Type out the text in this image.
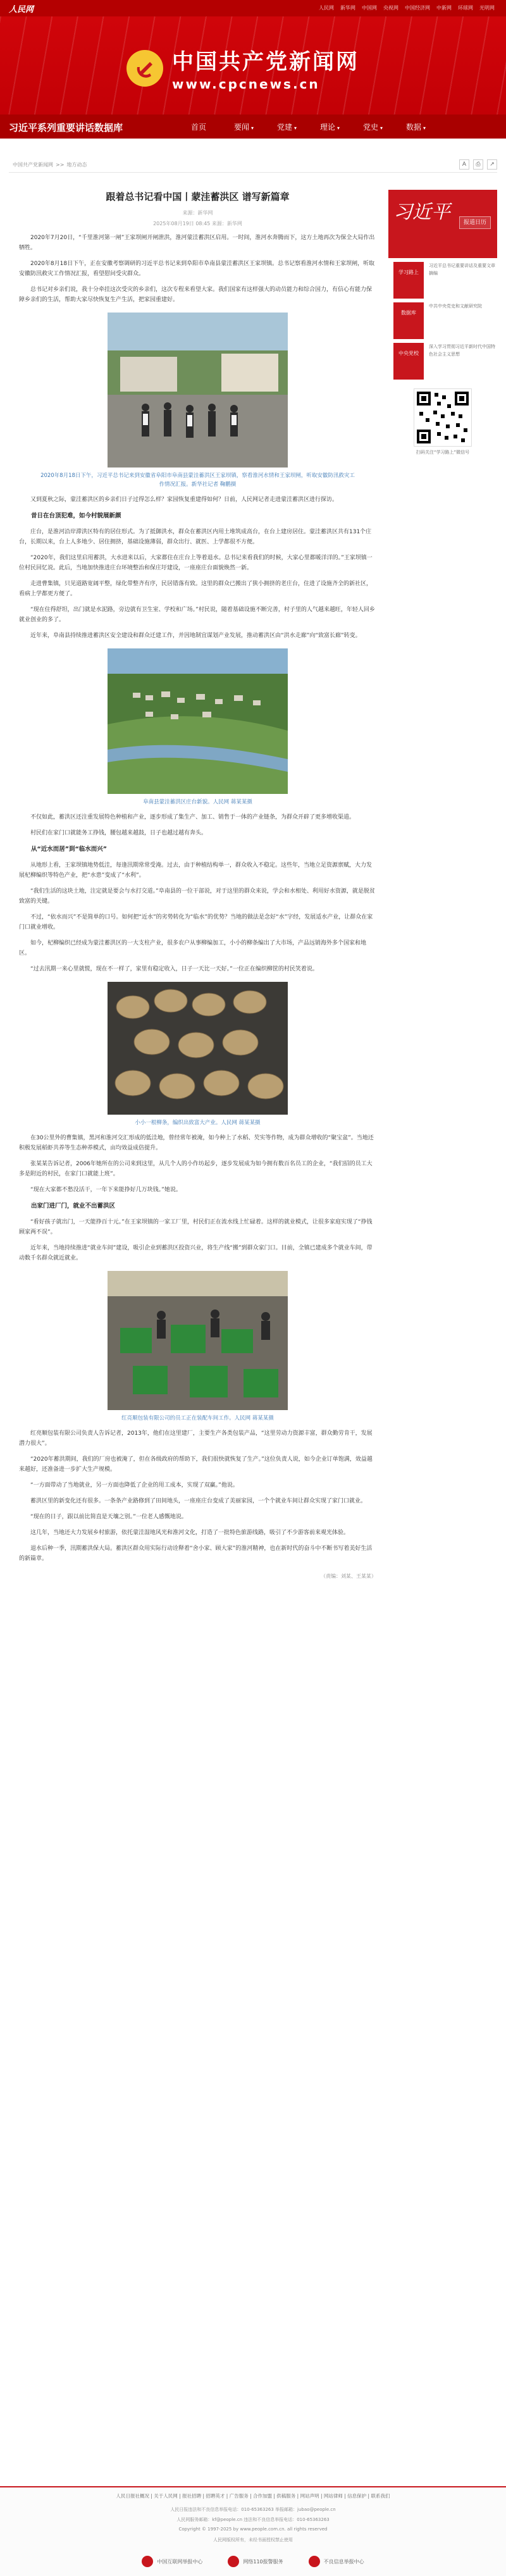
人民网	人民网 新华网 中国网 央视网 中国经济网 中新网 环球网 光明网
中国共产党新闻网
www.cpcnews.cn
习近平系列重要讲话数据库	首页	要闻 ▾	党建 ▾	理论 ▾	党史 ▾	数据 ▾
中国共产党新闻网 >> 地方动态	A	⎙	↗
跟着总书记看中国丨蒙洼蓄洪区 谱写新篇章
来源：新华网
2025年08月19日 08:45 来源：新华网

2020年7月20日，“千里淮河第一闸”王家坝闸开闸泄洪，淮河蒙洼蓄洪区启用。一时间，淮河水奔腾而下，这方土地再次为保全大局作出牺牲。

2020年8月18日下午，正在安徽考察调研的习近平总书记来到阜阳市阜南县蒙洼蓄洪区王家坝镇。总书记察看淮河水情和王家坝闸，听取安徽防汛救灾工作情况汇报，看望慰问受灾群众。

总书记对乡亲们说，我十分牵挂这次受灾的乡亲们，这次专程来看望大家。我们国家有这样强大的动员能力和综合国力，有信心有能力保障乡亲们的生活，帮助大家尽快恢复生产生活，把家园重建好。

2020年8月18日下午，习近平总书记来到安徽省阜阳市阜南县蒙洼蓄洪区王家坝镇，察看淮河水情和王家坝闸，听取安徽防汛救灾工作情况汇报。新华社记者 鞠鹏摄

又到夏秋之际，蒙洼蓄洪区的乡亲们日子过得怎么样？家园恢复重建得如何？日前，人民网记者走进蒙洼蓄洪区进行探访。

昔日在台顶犯难，如今村貌展新颜

庄台，是淮河沿岸滞洪区特有的居住形式。为了抵御洪水，群众在蓄洪区内用土堆筑成高台，在台上建房居住。蒙洼蓄洪区共有131个庄台，长期以来，台上人多地少、居住拥挤，基础设施薄弱，群众出行、就医、上学都很不方便。

“2020年，我们这里启用蓄洪，大水进来以后，大家都住在庄台上等着退水。总书记来看我们的时候，大家心里都暖洋洋的。”王家坝镇一位村民回忆说。此后，当地加快推进庄台环境整治和保庄圩建设，一座座庄台面貌焕然一新。

走进曹集镇，只见道路宽阔平整，绿化带整齐有序，民居错落有致。这里的群众已搬出了狭小拥挤的老庄台，住进了设施齐全的新社区，看病上学都更方便了。

“现在住得舒坦，出门就是水泥路，旁边就有卫生室、学校和广场。”村民说，随着基础设施不断完善，村子里的人气越来越旺，年轻人回乡就业创业的多了。

近年来，阜南县持续推进蓄洪区安全建设和群众迁建工作，并因地制宜谋划产业发展，推动蓄洪区由“洪水走廊”向“致富长廊”转变。

阜南县蒙洼蓄洪区庄台新貌。人民网 蒋某某摄

不仅如此，蓄洪区还注重发展特色种植和产业，逐步形成了集生产、加工、销售于一体的产业链条，为群众开辟了更多增收渠道。

村民们在家门口就能务工挣钱，腰包越来越鼓，日子也越过越有奔头。

从“近水而居”到“临水而兴”

从地形上看，王家坝镇地势低洼，每逢汛期常常受淹。过去，由于种植结构单一，群众收入不稳定。这些年，当地立足资源禀赋，大力发展杞柳编织等特色产业，把“水患”变成了“水利”。

“我们生活的这块土地，注定就是要会与水打交道。”阜南县的一位干部说，对于这里的群众来说，学会和水相处、利用好水资源，就是脱贫致富的关键。

不过，“依水而兴”不是简单的口号。如何把“近水”的劣势转化为“临水”的优势？当地的做法是念好“水”字经，发展适水产业，让群众在家门口就业增收。

如今，杞柳编织已经成为蒙洼蓄洪区的一大支柱产业，很多农户从事柳编加工，小小的柳条编出了大市场，产品远销海外多个国家和地区。

“过去汛期一来心里就慌，现在不一样了，家里有稳定收入，日子一天比一天好。”一位正在编织柳筐的村民笑着说。

小小一根柳条，编织出致富大产业。人民网 蒋某某摄

在30公里外的曹集镇，黑河和淮河交汇形成的低洼地，曾经常年被淹，如今种上了水稻、芡实等作物，成为群众增收的“聚宝盆”。当地还积极发展稻虾共养等生态种养模式，亩均效益成倍提升。

张某某告诉记者，2006年她所在的公司来到这里，从几个人的小作坊起步，逐步发展成为如今拥有数百名员工的企业，“我们招的员工大多是附近的村民，在家门口就能上班”。

“现在大家都不愁没活干，一年下来能挣好几万块钱。”她说。

出家门进厂门，就业不出蓄洪区

“看好孩子就出门，一天能挣百十元。”在王家坝镇的一家工厂里，村民们正在流水线上忙碌着。这样的就业模式，让很多家庭实现了“挣钱顾家两不误”。

近年来，当地持续推进“就业车间”建设，吸引企业到蓄洪区投资兴业，将生产线“搬”到群众家门口。目前，全镇已建成多个就业车间，带动数千名群众就近就业。

红亮顺包装有限公司的员工正在装配车间工作。人民网 蒋某某摄

红亮顺包装有限公司负责人告诉记者，2013年，他们在这里建厂，主要生产各类包装产品，“这里劳动力资源丰富，群众勤劳肯干，发展潜力很大”。

“2020年蓄洪期间，我们的厂房也被淹了，但在各级政府的帮助下，我们很快就恢复了生产。”这位负责人说，如今企业订单饱满，效益越来越好，还准备进一步扩大生产规模。

“一方面带动了当地就业，另一方面也降低了企业的用工成本，实现了双赢。”他说。

蓄洪区里的新变化还有很多。一条条产业路修到了田间地头，一座座庄台变成了美丽家园，一个个就业车间让群众实现了家门口就业。

“现在的日子，跟以前比简直是天壤之别。”一位老人感慨地说。

这几年，当地还大力发展乡村旅游，依托蒙洼湿地风光和淮河文化，打造了一批特色旅游线路，吸引了不少游客前来观光体验。

退水后种一季，汛期蓄洪保大局。蓄洪区群众用实际行动诠释着“舍小家、顾大家”的淮河精神，也在新时代的奋斗中不断书写着美好生活的新篇章。

（责编：刘某、王某某）
习近平	报道日历
学习路上
习近平总书记重要讲话及重要文章摘编
数据库
中共中央党史和文献研究院
中央党校
深入学习贯彻习近平新时代中国特色社会主义思想
扫码关注“学习路上”微信号
人民日报社概况 | 关于人民网 | 报社招聘 | 招聘英才 | 广告服务 | 合作加盟 | 供稿服务 | 网站声明 | 网站律师 | 信息保护 | 联系我们
人民日报违法和不良信息举报电话：010-65363263 举报邮箱：jubao@people.cn
人民网服务邮箱：kf@people.cn 违法和不良信息举报电话：010-65363263
Copyright © 1997-2025 by www.people.com.cn. all rights reserved
人民网版权所有，未经书面授权禁止使用
中国互联网举报中心	网络110报警服务	不良信息举报中心
